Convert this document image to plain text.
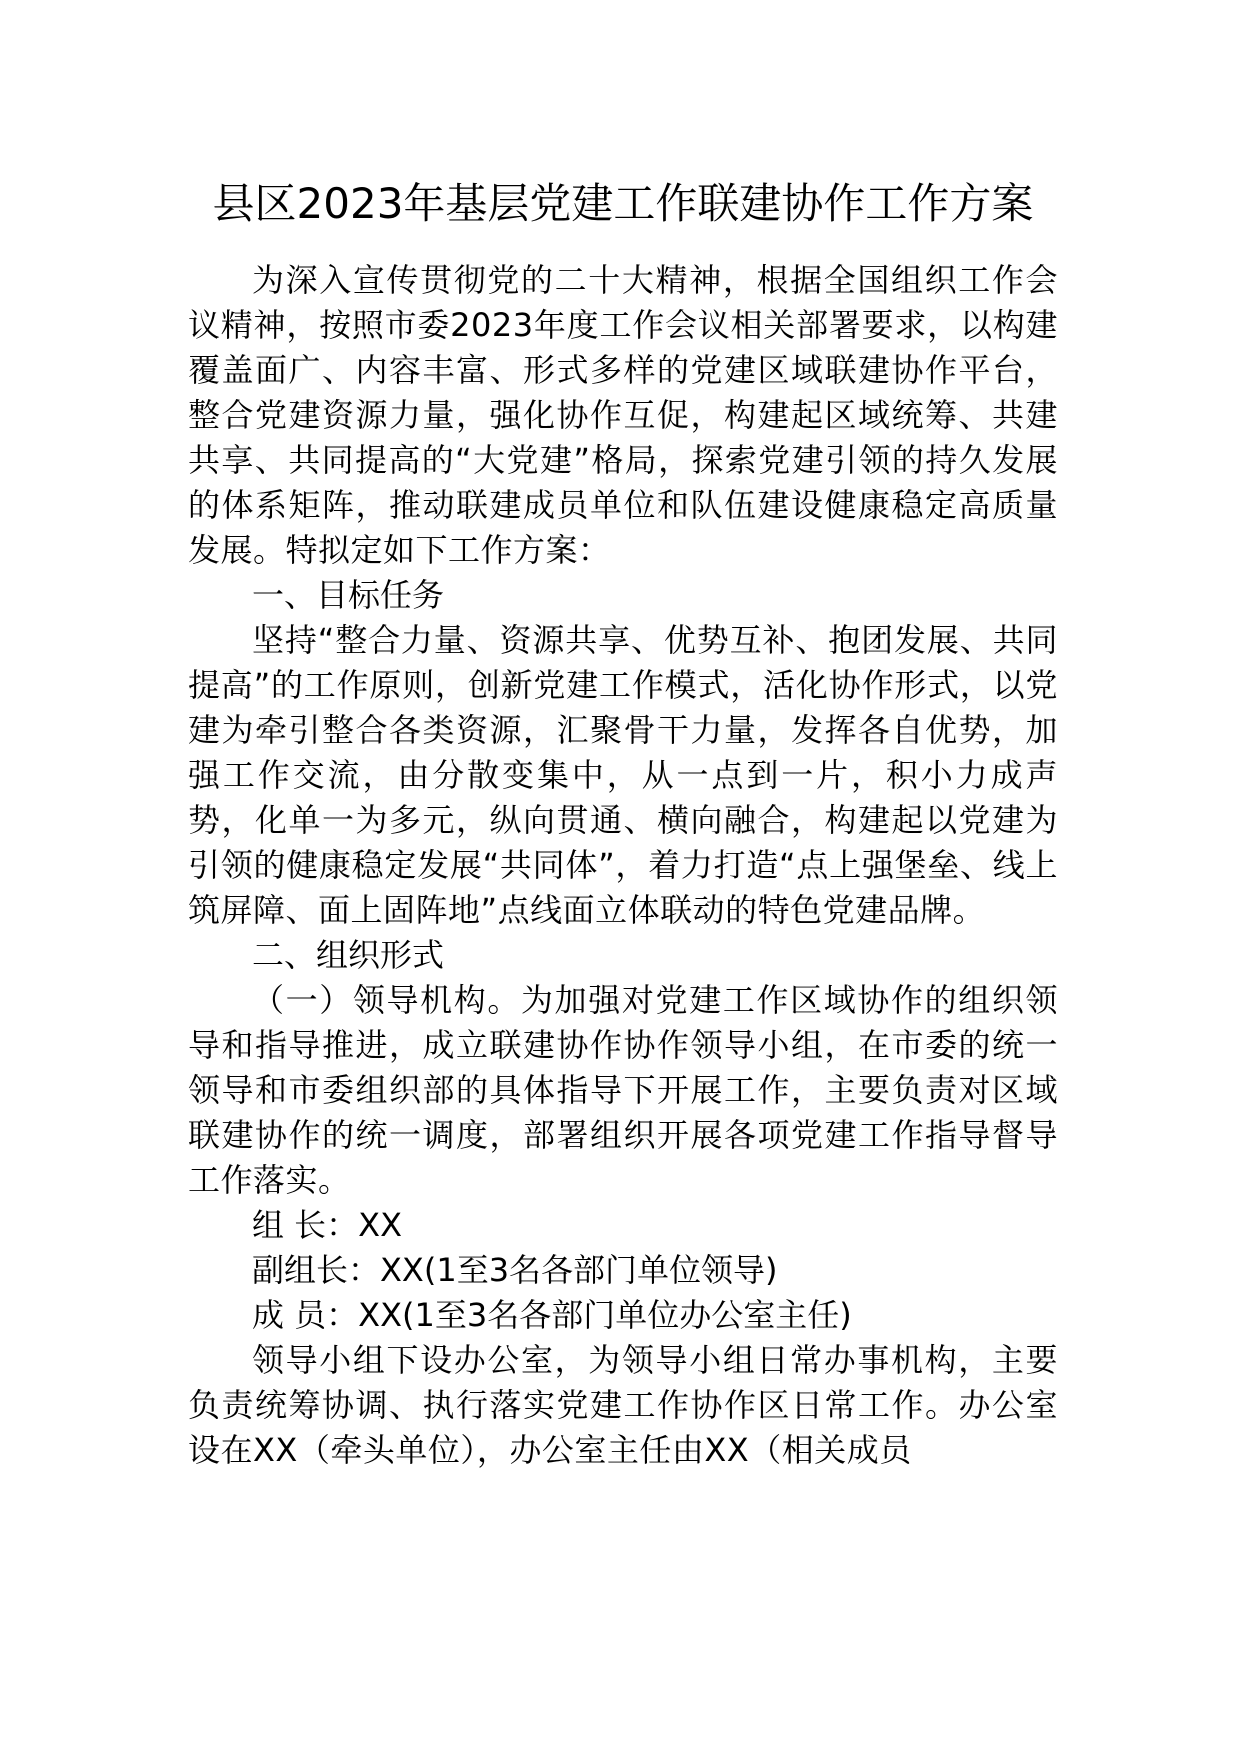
县区2023年基层党建工作联建协作工作方案

为深入宣传贯彻党的二十大精神，根据全国组织工作会议精神，按照市委2023年度工作会议相关部署要求，以构建覆盖面广、内容丰富、形式多样的党建区域联建协作平台，整合党建资源力量，强化协作互促，构建起区域统筹、共建共享、共同提高的“大党建”格局，探索党建引领的持久发展的体系矩阵，推动联建成员单位和队伍建设健康稳定高质量发展。特拟定如下工作方案：

一、目标任务

坚持“整合力量、资源共享、优势互补、抱团发展、共同提高”的工作原则，创新党建工作模式，活化协作形式，以党建为牵引整合各类资源，汇聚骨干力量，发挥各自优势，加强工作交流，由分散变集中，从一点到一片，积小力成声势，化单一为多元，纵向贯通、横向融合，构建起以党建为引领的健康稳定发展“共同体”，着力打造“点上强堡垒、线上筑屏障、面上固阵地”点线面立体联动的特色党建品牌。

二、组织形式

（一）领导机构。为加强对党建工作区域协作的组织领导和指导推进，成立联建协作协作领导小组，在市委的统一领导和市委组织部的具体指导下开展工作，主要负责对区域联建协作的统一调度，部署组织开展各项党建工作指导督导工作落实。

组 长：XX

副组长：XX(1至3名各部门单位领导)

成 员：XX(1至3名各部门单位办公室主任)

领导小组下设办公室，为领导小组日常办事机构，主要负责统筹协调、执行落实党建工作协作区日常工作。办公室设在XX（牵头单位），办公室主任由XX（相关成员
